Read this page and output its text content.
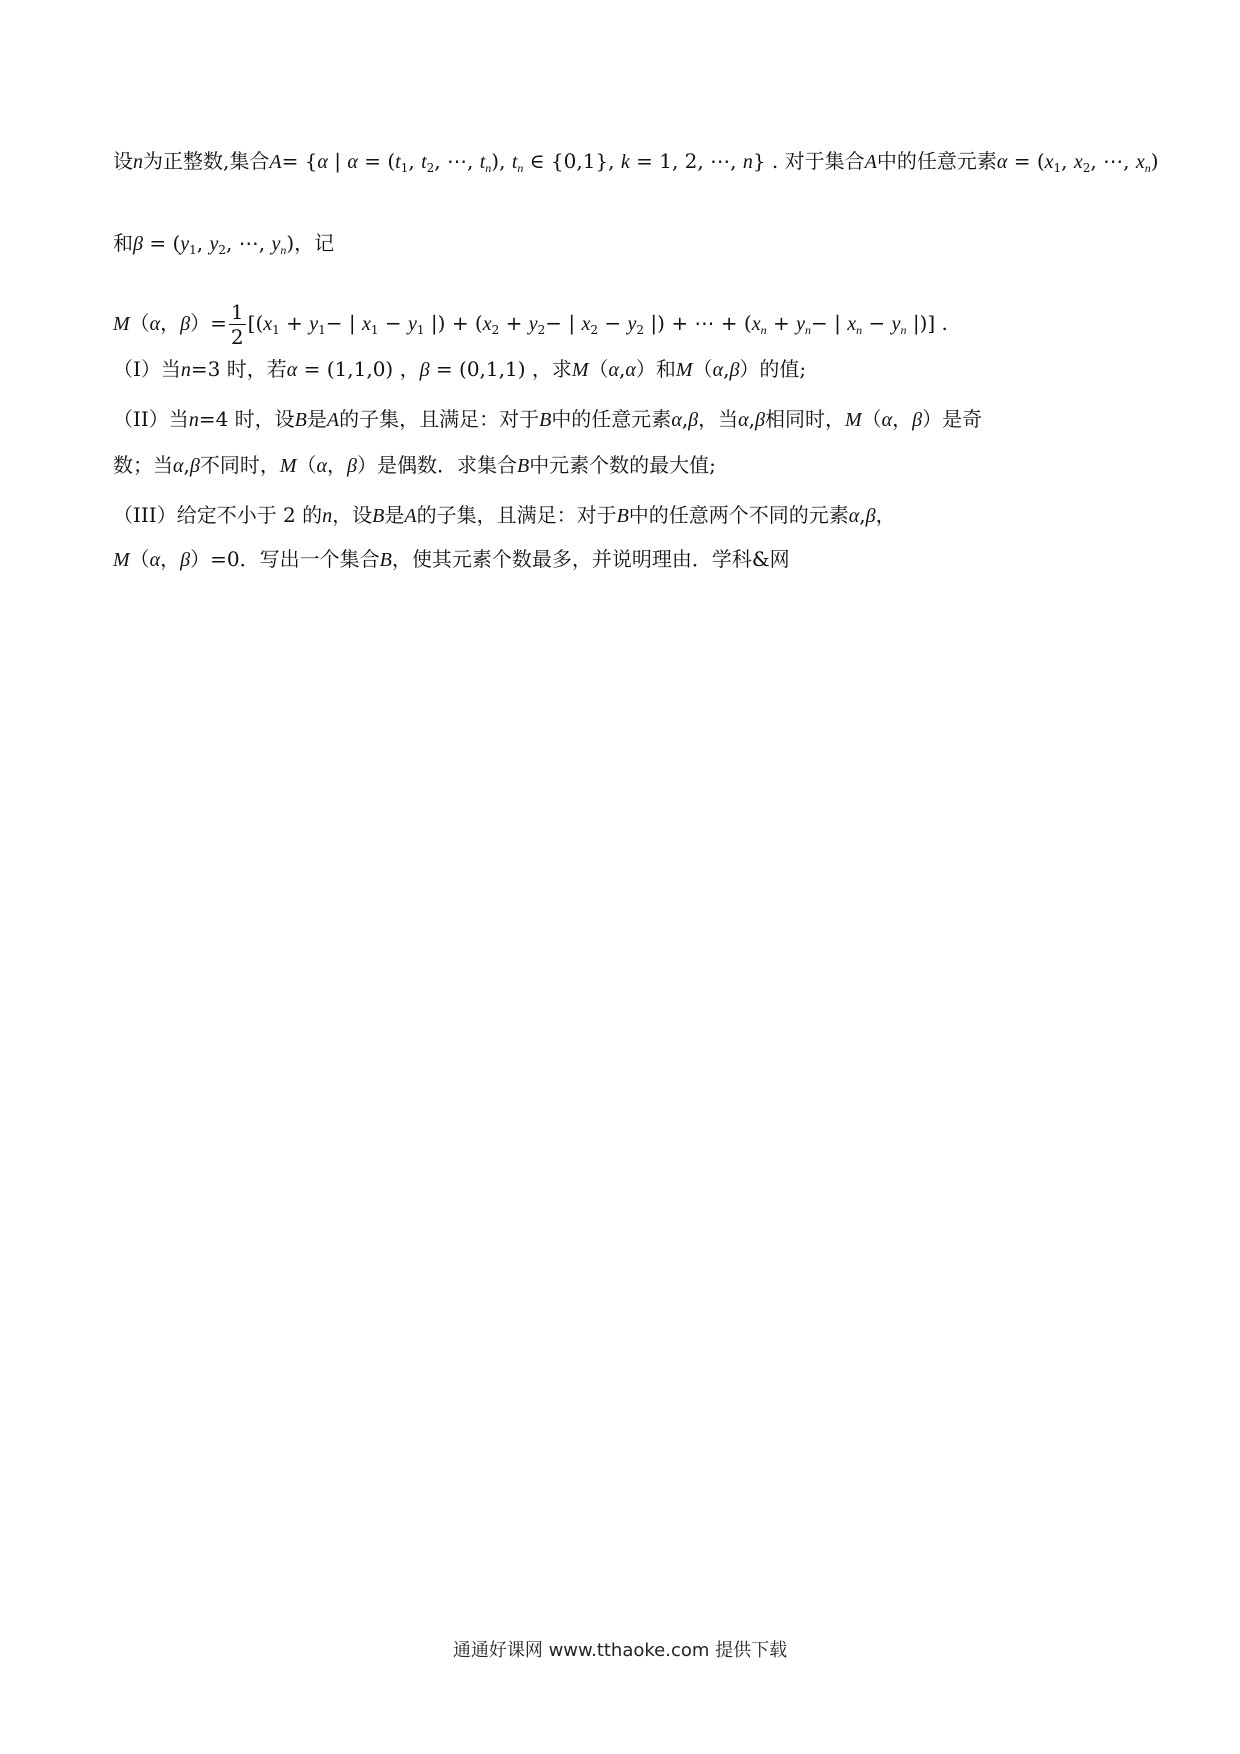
设n为正整数,集合A= {α | $\alpha = (t_1$, $t_2$, ⋯, $t_n$), $t_n$ ∈ {0,1}, k = 1, 2, ⋯, n} . 对于集合A中的任意元素$\alpha = (x_1$, $x_2$, ⋯, $x_n$)
和$\beta = (y_1$, $y_2$, ⋯, $y_n$)，记
M（α，$\beta)= \frac{1}{2} [(x_1 + y_1-$ | $x_1 - y_1$ |) + ($x_2 + y_2-$ | $x_2 - y_2$ |) + ⋯ + ($x_n + y_n-$ | $x_n - y_n$ |)] .
（I）当n=3 时，若α = (1,1,0) ，β = (0,1,1) ，求M（α,α）和M（α,β）的值;
（II）当n=4 时，设B是A的子集，且满足：对于B中的任意元素α,β，当α,β相同时，M（α，β）是奇
数；当α,β不同时，M（α，β）是偶数．求集合B中元素个数的最大值;
（III）给定不小于 2 的n，设B是A的子集，且满足：对于B中的任意两个不同的元素α,β，
M（α，β）=0．写出一个集合B，使其元素个数最多，并说明理由．学科&网
通通好课网 www.tthaoke.com 提供下载
